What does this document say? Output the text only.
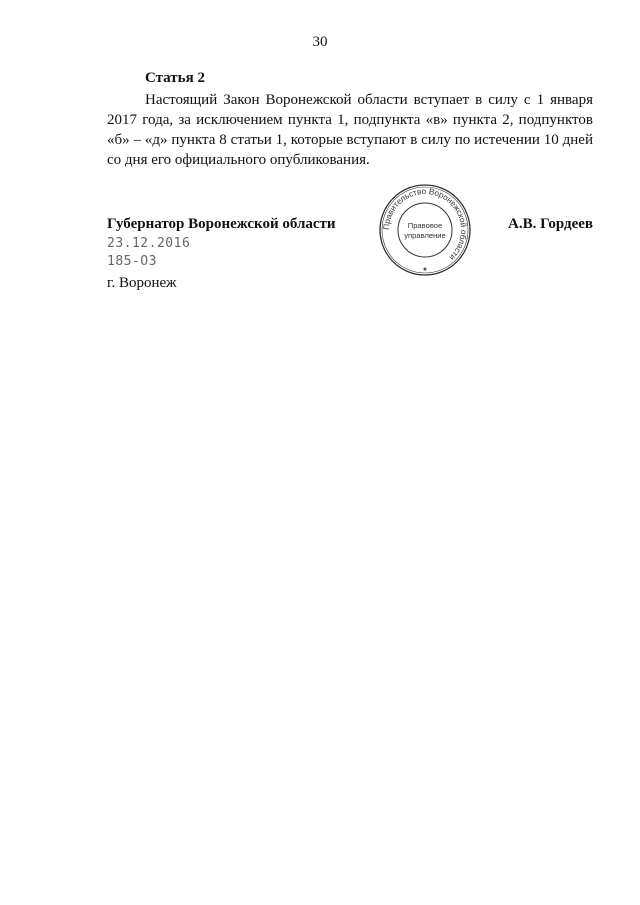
30
Статья 2

Настоящий Закон Воронежской области вступает в силу с 1 января 2017 года, за исключением пункта 1, подпункта «в» пункта 2, подпунктов «б» – «д» пункта 8 статьи 1, которые вступают в силу по истечении 10 дней со дня его официального опубликования.

Губернатор Воронежской области	Правительство Воронежской области
Правовое
управление
★
А.В. Гордеев
23.12.2016
185-ОЗ
г. Воронеж
